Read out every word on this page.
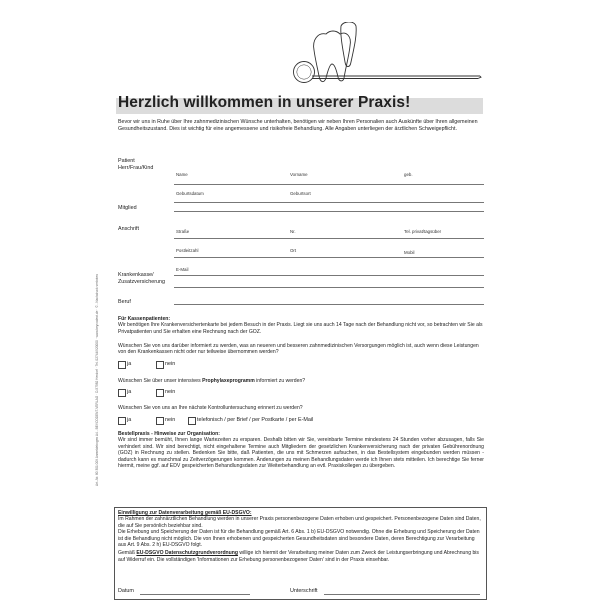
Herzlich willkommen in unserer Praxis!
Bevor wir uns in Ruhe über Ihre zahnmedizinischen Wünsche unterhalten, benötigen wir neben Ihren Personalien auch Auskünfte über Ihren allgemeinen Gesundheitszustand. Dies ist wichtig für eine angemessene und risikofreie Behandlung. Alle Angaben unterliegen der ärztlichen Schweigepflicht.
Art.-Nr. 80 301 009 Anmeldebogen A4 - BEYCODENT-VERLAG · D-57582 Herdorf · Tel. 02744/920000 · www.beycodent.de · © - Nachdruck verboten
Patient Herr/Frau/Kind
Name	Vorname	geb.
Geburtsdatum	Geburtsort
Mitglied
Anschrift	Straße	Nr.	Tel. privat/tagsüber
Postleitzahl	Ort	Mobil
E-Mail
Krankenkasse/ Zusatzversicherung
Beruf
Für Kassenpatienten:
Wir benötigen Ihre Krankenversichertenkarte bei jedem Besuch in der Praxis. Liegt sie uns auch 14 Tage nach der Behandlung nicht vor, so betrachten wir Sie als Privatpatienten und Sie erhalten eine Rechnung nach der GOZ.
Wünschen Sie von uns darüber informiert zu werden, was an neueren und besseren zahnmedizinischen Versorgungen möglich ist, auch wenn diese Leistungen von den Krankenkassen nicht oder nur teilweise übernommen werden?
ja	nein
Wünschen Sie über unser intensives Prophylaxeprogramm informiert zu werden?
ja	nein
Wünschen Sie von uns an Ihre nächste Kontrolluntersuchung erinnert zu werden?
ja	nein	telefonisch / per Brief / per Postkarte / per E-Mail
Bestellpraxis - Hinweise zur Organisation:
Wir sind immer bemüht, Ihnen lange Wartezeiten zu ersparen. Deshalb bitten wir Sie, vereinbarte Termine mindestens 24 Stunden vorher abzusagen, falls Sie verhindert sind. Wir sind berechtigt, nicht eingehaltene Termine auch Mitgliedern der gesetzlichen Krankenversicherung nach der privaten Gebührenordnung (GOZ) in Rechnung zu stellen. Bedenken Sie bitte, daß Patienten, die uns mit Schmerzen aufsuchen, in das Bestellsystem eingebunden werden müssen - dadurch kann es manchmal zu Zeitverzögerungen kommen. Änderungen zu meinen Behandlungsdaten werde ich Ihnen stets mitteilen. Ich berechtige Sie ferner hiermit, meine ggf. auf EDV gespeicherten Behandlungsdaten zur Weiterbehandlung an evtl. Praxiskollegen zu übergeben.
Einwilligung zur Datenverarbeitung gemäß EU-DSGVO:
Im Rahmen der zahnärztlichen Behandlung werden in unserer Praxis personenbezogene Daten erhoben und gespeichert. Personenbezogene Daten sind Daten, die auf Sie persönlich beziehbar sind.
Die Erhebung und Speicherung der Daten ist für die Behandlung gemäß Art. 6 Abs. 1 b) EU-DSGVO notwendig. Ohne die Erhebung und Speicherung der Daten ist die Behandlung nicht möglich. Die von Ihnen erhobenen und gespeicherten Gesundheitsdaten sind besondere Daten, deren Berechtigung zur Verarbeitung aus Art. 9 Abs. 2 h) EU-DSGVO folgt.
Gemäß EU-DSGVO Datenschutzgrundverordnung willige ich hiermit der Verarbeitung meiner Daten zum Zweck der Leistungserbringung und Abrechnung bis auf Widerruf ein. Die vollständigen 'Informationen zur Erhebung personenbezogener Daten' sind in der Praxis einsehbar.
Datum	Unterschrift
